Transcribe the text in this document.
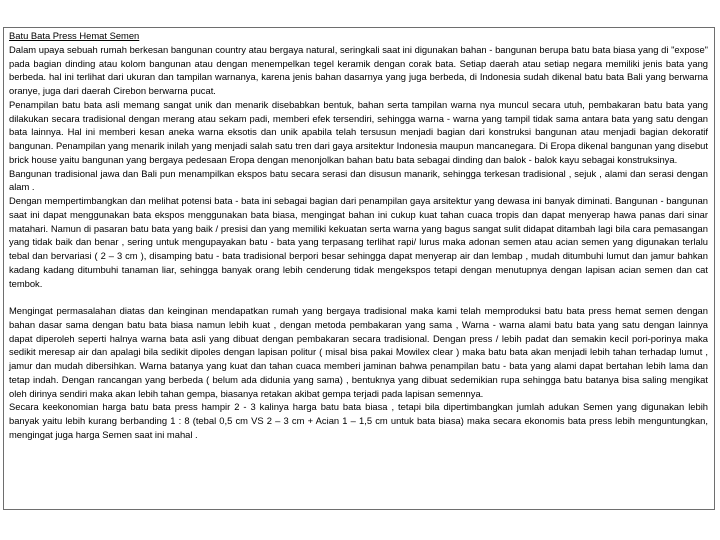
Batu Bata Press Hemat Semen

Dalam upaya sebuah rumah berkesan bangunan country atau bergaya natural, seringkali saat ini digunakan bahan - bangunan berupa batu bata biasa yang di "expose" pada bagian dinding atau kolom bangunan atau dengan menempelkan tegel keramik dengan corak bata. Setiap daerah atau setiap negara memiliki jenis bata yang berbeda. hal ini terlihat dari ukuran dan tampilan warnanya, karena jenis bahan dasarnya yang juga berbeda, di Indonesia sudah dikenal batu bata Bali yang berwarna oranye, juga dari daerah Cirebon berwarna pucat.

Penampilan batu bata asli memang sangat unik dan menarik disebabkan bentuk, bahan serta tampilan warna nya muncul secara utuh, pembakaran batu bata yang dilakukan secara tradisional dengan merang atau sekam padi, memberi efek tersendiri, sehingga warna - warna yang tampil tidak sama antara bata yang satu dengan bata lainnya. Hal ini memberi kesan aneka warna eksotis dan unik apabila telah tersusun menjadi bagian dari konstruksi bangunan atau menjadi bagian dekoratif bangunan. Penampilan yang menarik inilah yang menjadi salah satu tren dari gaya arsitektur Indonesia maupun mancanegara. Di Eropa dikenal bangunan yang disebut brick house yaitu bangunan yang bergaya pedesaan Eropa dengan menonjolkan bahan batu bata sebagai dinding dan balok - balok kayu sebagai konstruksinya.

Bangunan tradisional jawa dan Bali pun menampilkan ekspos batu secara serasi dan disusun manarik, sehingga terkesan tradisional , sejuk , alami dan serasi dengan alam .

Dengan mempertimbangkan dan melihat potensi bata - bata ini sebagai bagian dari penampilan gaya arsitektur yang dewasa ini banyak diminati. Bangunan - bangunan saat ini dapat menggunakan bata ekspos menggunakan bata biasa, mengingat bahan ini cukup kuat tahan cuaca tropis dan dapat menyerap hawa panas dari sinar matahari. Namun di pasaran batu bata yang baik / presisi dan yang memiliki kekuatan serta warna yang bagus sangat sulit didapat ditambah lagi bila cara pemasangan yang tidak baik dan benar , sering untuk mengupayakan batu - bata yang terpasang terlihat rapi/ lurus maka adonan semen atau acian semen yang digunakan terlalu tebal dan bervariasi ( 2 – 3 cm ), disamping batu - bata tradisional berpori besar sehingga dapat menyerap air dan lembap , mudah ditumbuhi lumut dan jamur bahkan kadang kadang ditumbuhi tanaman liar, sehingga banyak orang lebih cenderung tidak mengekspos tetapi dengan menutupnya dengan lapisan acian semen dan cat tembok.

Mengingat permasalahan diatas dan keinginan mendapatkan rumah yang bergaya tradisional maka kami telah memproduksi batu bata press hemat semen dengan bahan dasar sama dengan batu bata biasa namun lebih kuat , dengan metoda pembakaran yang sama , Warna - warna alami batu bata yang satu dengan lainnya dapat diperoleh seperti halnya warna bata asli yang dibuat dengan pembakaran secara tradisional. Dengan press / lebih padat dan semakin kecil pori-porinya maka sedikit meresap air dan apalagi bila sedikit dipoles dengan lapisan politur ( misal bisa pakai Mowilex clear ) maka batu bata akan menjadi lebih tahan terhadap lumut , jamur dan mudah dibersihkan. Warna batanya yang kuat dan tahan cuaca memberi jaminan bahwa penampilan batu - bata yang alami dapat bertahan lebih lama dan tetap indah. Dengan rancangan yang berbeda ( belum ada didunia yang sama) , bentuknya yang dibuat sedemikian rupa sehingga batu batanya bisa saling mengikat oleh dirinya sendiri maka akan lebih tahan gempa, biasanya retakan akibat gempa terjadi pada lapisan semennya.

Secara keekonomian harga batu bata press hampir 2 - 3 kalinya harga batu bata biasa , tetapi bila dipertimbangkan jumlah adukan Semen yang digunakan lebih banyak yaitu lebih kurang berbanding 1 : 8 (tebal 0,5 cm VS 2 – 3 cm + Acian 1 – 1,5 cm untuk bata biasa) maka secara ekonomis bata press lebih menguntungkan, mengingat juga harga Semen saat ini mahal .
